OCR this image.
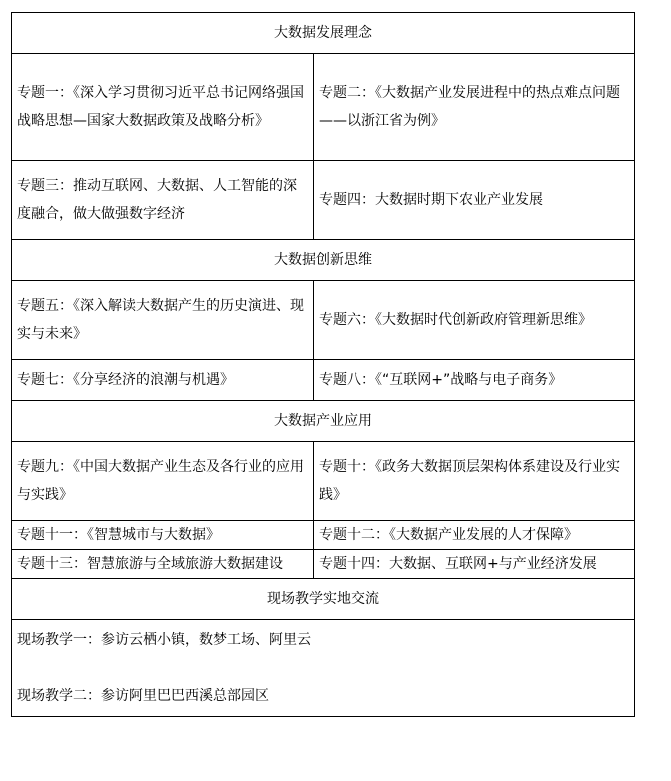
大数据发展理念	
专题一：《深入学习贯彻习近平总书记网络强国战略思想—国家大数据政策及战略分析》	专题二：《大数据产业发展进程中的热点难点问题——以浙江省为例》
专题三：推动互联网、大数据、人工智能的深度融合，做大做强数字经济	专题四：大数据时期下农业产业发展
大数据创新思维	
专题五：《深入解读大数据产生的历史演进、现实与未来》	专题六：《大数据时代创新政府管理新思维》
专题七：《分享经济的浪潮与机遇》	专题八：《“互联网+”战略与电子商务》
大数据产业应用	
专题九：《中国大数据产业生态及各行业的应用与实践》	专题十：《政务大数据顶层架构体系建设及行业实践》
专题十一：《智慧城市与大数据》	专题十二：《大数据产业发展的人才保障》
专题十三：智慧旅游与全域旅游大数据建设	专题十四：大数据、互联网+与产业经济发展
现场教学实地交流	

现场教学一：参访云栖小镇，数梦工场、阿里云
现场教学二：参访阿里巴巴西溪总部园区	
